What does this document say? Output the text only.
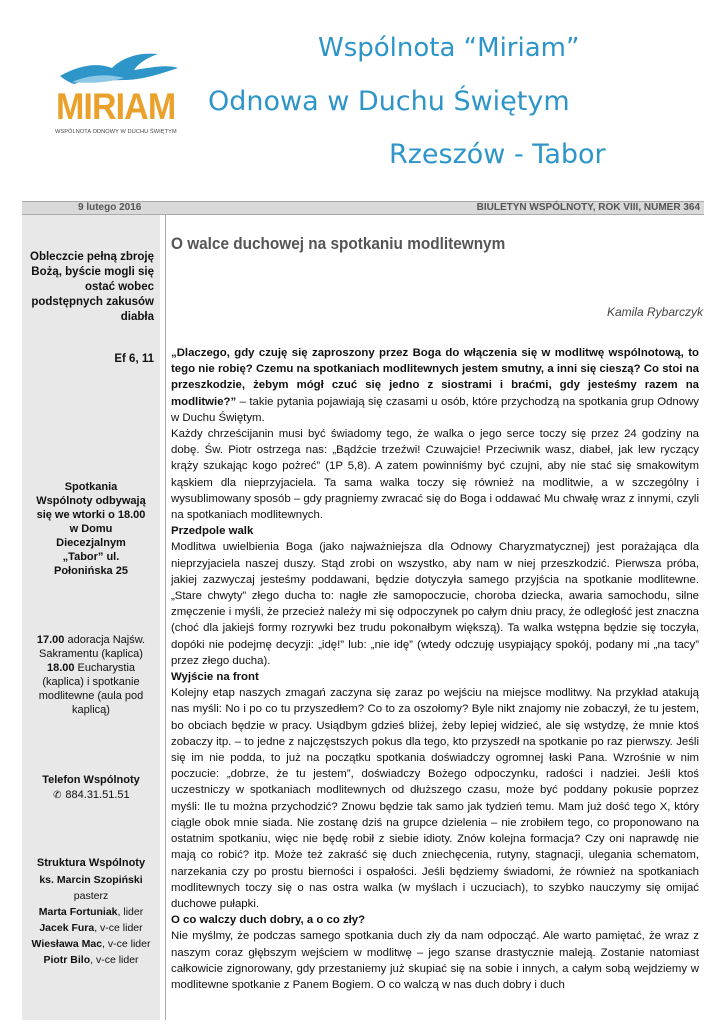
MIRIAM
WSPÓLNOTA ODNOWY W DUCHU ŚWIĘTYM
Wspólnota “Miriam”
Odnowa w Duchu Świętym
Rzeszów - Tabor
9 lutego 2016	BIULETYN WSPÓLNOTY, ROK VIII, NUMER 364
Obleczcie pełną zbroję Bożą, byście mogli się ostać wobec podstępnych zakusów diabła
Ef 6, 11
Spotkania Wspólnoty odbywają się we wtorki o 18.00 w Domu Diecezjalnym „Tabor” ul. Połonińska 25
17.00 adoracja Najśw. Sakramentu (kaplica)
18.00 Eucharystia (kaplica) i spotkanie modlitewne (aula pod kaplicą)
Telefon Wspólnoty
✆ 884.31.51.51
Struktura Wspólnoty
ks. Marcin Szopiński
pasterz
Marta Fortuniak, lider
Jacek Fura, v-ce lider
Wiesława Mac, v-ce lider
Piotr Bilo, v-ce lider
O walce duchowej na spotkaniu modlitewnym
Kamila Rybarczyk

„Dlaczego, gdy czuję się zaproszony przez Boga do włączenia się w modlitwę wspólnotową, to tego nie robię? Czemu na spotkaniach modlitewnych jestem smutny, a inni się cieszą? Co stoi na przeszkodzie, żebym mógł czuć się jedno z siostrami i braćmi, gdy jesteśmy razem na modlitwie?” – takie pytania pojawiają się czasami u osób, które przychodzą na spotkania grup Odnowy w Duchu Świętym.

Każdy chrześcijanin musi być świadomy tego, że walka o jego serce toczy się przez 24 godziny na dobę. Św. Piotr ostrzega nas: „Bądźcie trzeźwi! Czuwajcie! Przeciwnik wasz, diabeł, jak lew ryczący krąży szukając kogo pożreć” (1P 5,8). A zatem powinniśmy być czujni, aby nie stać się smakowitym kąskiem dla nieprzyjaciela. Ta sama walka toczy się również na modlitwie, a w szczególny i wysublimowany sposób – gdy pragniemy zwracać się do Boga i oddawać Mu chwałę wraz z innymi, czyli na spotkaniach modlitewnych.

Przedpole walk

Modlitwa uwielbienia Boga (jako najważniejsza dla Odnowy Charyzmatycznej) jest porażająca dla nieprzyjaciela naszej duszy. Stąd zrobi on wszystko, aby nam w niej przeszkodzić. Pierwsza próba, jakiej zazwyczaj jesteśmy poddawani, będzie dotyczyła samego przyjścia na spotkanie modlitewne. „Stare chwyty” złego ducha to: nagłe złe samopoczucie, choroba dziecka, awaria samochodu, silne zmęczenie i myśli, że przecież należy mi się odpoczynek po całym dniu pracy, że odległość jest znaczna (choć dla jakiejś formy rozrywki bez trudu pokonałbym większą). Ta walka wstępna będzie się toczyła, dopóki nie podejmę decyzji: „idę!” lub: „nie idę” (wtedy odczuję usypiający spokój, podany mi „na tacy” przez złego ducha).

Wyjście na front

Kolejny etap naszych zmagań zaczyna się zaraz po wejściu na miejsce modlitwy. Na przykład atakują nas myśli: No i po co tu przyszedłem? Co to za oszołomy? Byle nikt znajomy nie zobaczył, że tu jestem, bo obciach będzie w pracy. Usiądbym gdzieś bliżej, żeby lepiej widzieć, ale się wstydzę, że mnie ktoś zobaczy itp. – to jedne z najczęstszych pokus dla tego, kto przyszedł na spotkanie po raz pierwszy. Jeśli się im nie podda, to już na początku spotkania doświadczy ogromnej łaski Pana. Wzrośnie w nim poczucie: „dobrze, że tu jestem”, doświadczy Bożego odpoczynku, radości i nadziei. Jeśli ktoś uczestniczy w spotkaniach modlitewnych od dłuższego czasu, może być poddany pokusie poprzez myśli: Ile tu można przychodzić? Znowu będzie tak samo jak tydzień temu. Mam już dość tego X, który ciągle obok mnie siada. Nie zostanę dziś na grupce dzielenia – nie zrobiłem tego, co proponowano na ostatnim spotkaniu, więc nie będę robił z siebie idioty. Znów kolejna formacja? Czy oni naprawdę nie mają co robić? itp. Może też zakraść się duch zniechęcenia, rutyny, stagnacji, ulegania schematom, narzekania czy po prostu bierności i ospałości. Jeśli będziemy świadomi, że również na spotkaniach modlitewnych toczy się o nas ostra walka (w myślach i uczuciach), to szybko nauczymy się omijać duchowe pułapki.

O co walczy duch dobry, a o co zły?

Nie myślmy, że podczas samego spotkania duch zły da nam odpocząć. Ale warto pamiętać, że wraz z naszym coraz głębszym wejściem w modlitwę – jego szanse drastycznie maleją. Zostanie natomiast całkowicie zignorowany, gdy przestaniemy już skupiać się na sobie i innych, a całym sobą wejdziemy w modlitewne spotkanie z Panem Bogiem. O co walczą w nas duch dobry i duch
